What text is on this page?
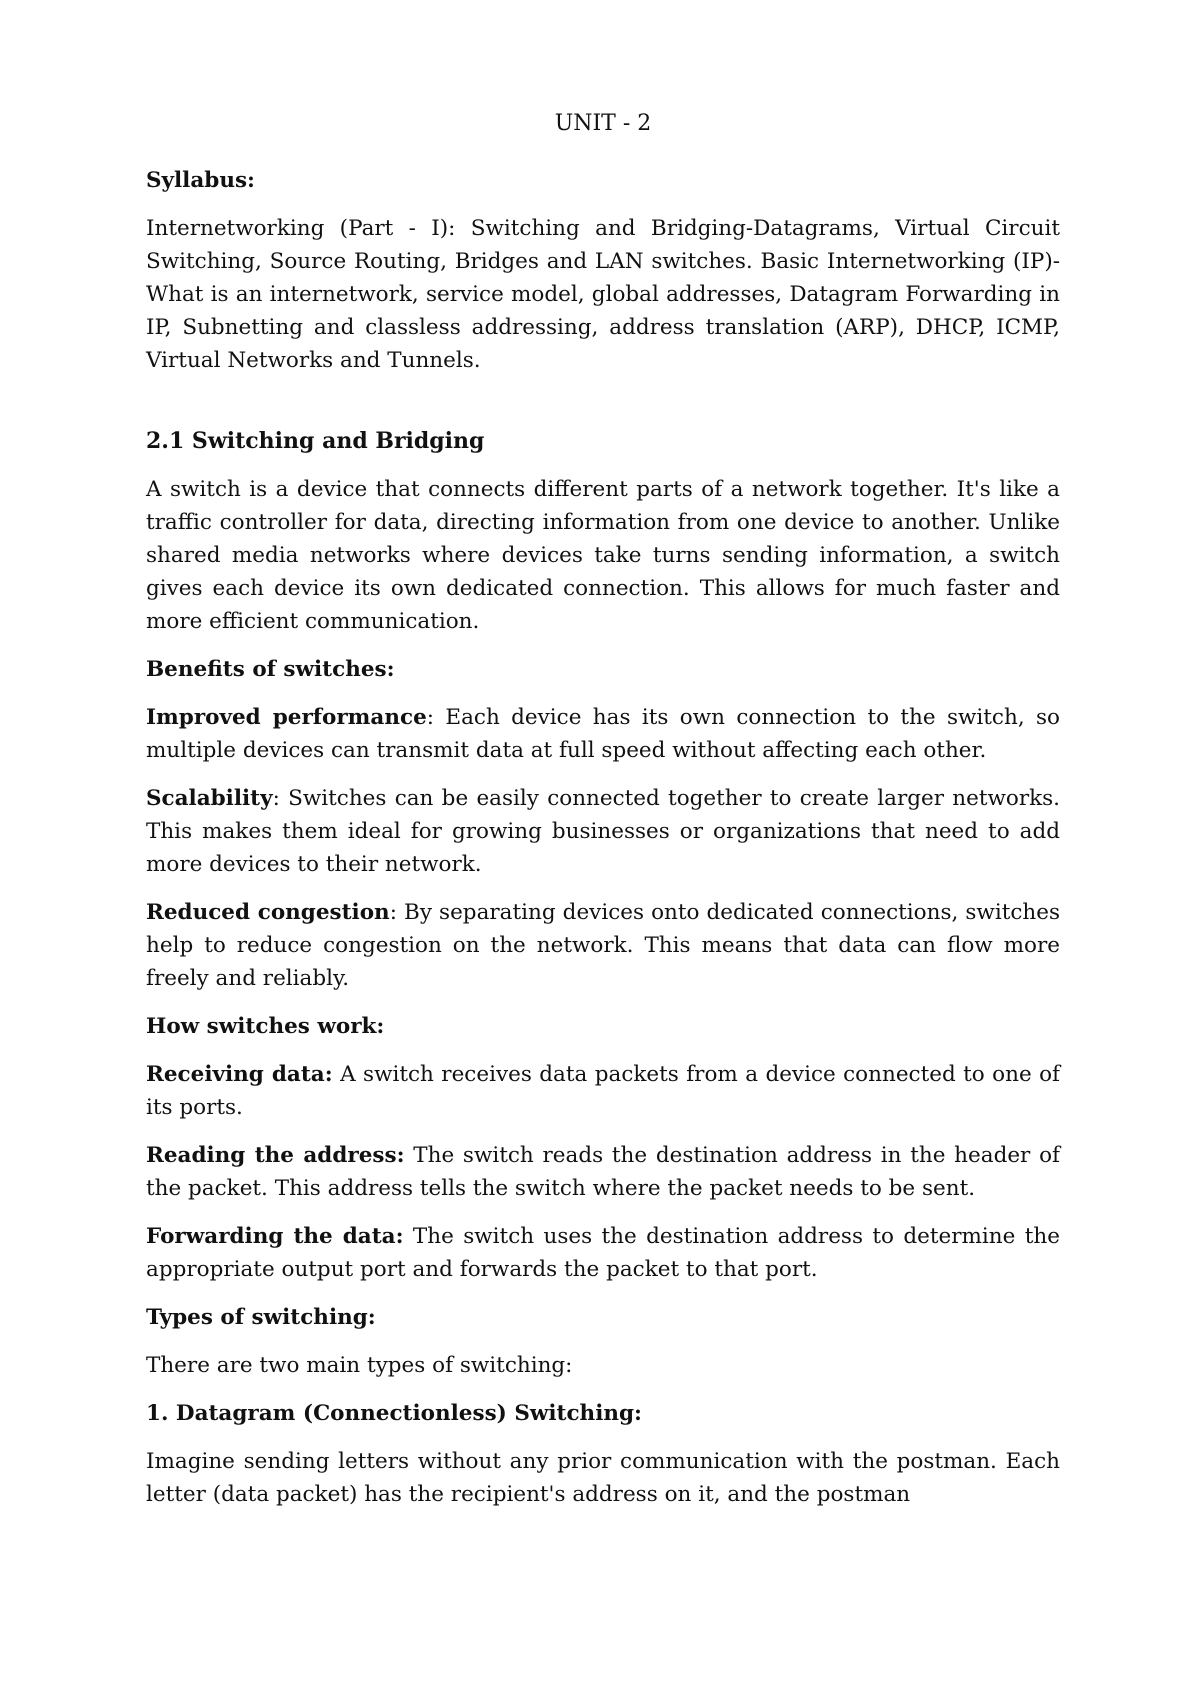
UNIT - 2

Syllabus:

Internetworking (Part - I): Switching and Bridging-Datagrams, Virtual Circuit Switching, Source Routing, Bridges and LAN switches. Basic Internetworking (IP)-What is an internetwork, service model, global addresses, Datagram Forwarding in IP, Subnetting and classless addressing, address translation (ARP), DHCP, ICMP, Virtual Networks and Tunnels.

2.1 Switching and Bridging

A switch is a device that connects different parts of a network together. It's like a traffic controller for data, directing information from one device to another. Unlike shared media networks where devices take turns sending information, a switch gives each device its own dedicated connection. This allows for much faster and more efficient communication.

Benefits of switches:

Improved performance: Each device has its own connection to the switch, so multiple devices can transmit data at full speed without affecting each other.

Scalability: Switches can be easily connected together to create larger networks. This makes them ideal for growing businesses or organizations that need to add more devices to their network.

Reduced congestion: By separating devices onto dedicated connections, switches help to reduce congestion on the network. This means that data can flow more freely and reliably.

How switches work:

Receiving data: A switch receives data packets from a device connected to one of its ports.

Reading the address: The switch reads the destination address in the header of the packet. This address tells the switch where the packet needs to be sent.

Forwarding the data: The switch uses the destination address to determine the appropriate output port and forwards the packet to that port.

Types of switching:

There are two main types of switching:

1. Datagram (Connectionless) Switching:

Imagine sending letters without any prior communication with the postman. Each letter (data packet) has the recipient's address on it, and the postman
